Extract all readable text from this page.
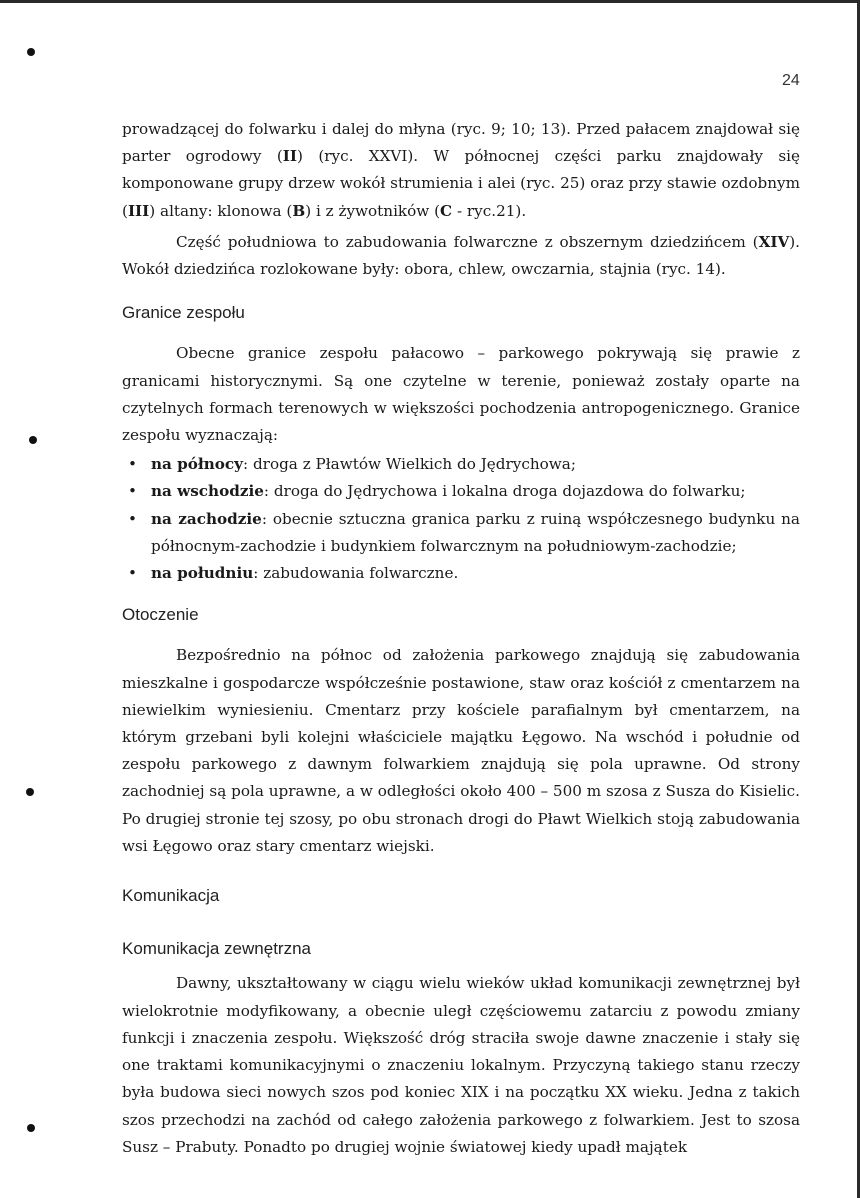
24

prowadzącej do folwarku i dalej do młyna (ryc. 9; 10; 13). Przed pałacem znajdował się parter ogrodowy (II) (ryc. XXVI). W północnej części parku znajdowały się komponowane grupy drzew wokół strumienia i alei (ryc. 25) oraz przy stawie ozdobnym (III) altany: klonowa (B) i z żywotników (C - ryc.21).

Część południowa to zabudowania folwarczne z obszernym dziedzińcem (XIV). Wokół dziedzińca rozlokowane były: obora, chlew, owczarnia, stajnia (ryc. 14).

Granice zespołu

Obecne granice zespołu pałacowo – parkowego pokrywają się prawie z granicami historycznymi. Są one czytelne w terenie, ponieważ zostały oparte na czytelnych formach terenowych w większości pochodzenia antropogenicznego. Granice zespołu wyznaczają:

• na północy: droga z Pławtów Wielkich do Jędrychowa;
• na wschodzie: droga do Jędrychowa i lokalna droga dojazdowa do folwarku;
• na zachodzie: obecnie sztuczna granica parku z ruiną współczesnego budynku na północnym-zachodzie i budynkiem folwarcznym na południowym-zachodzie;
• na południu: zabudowania folwarczne.
Otoczenie

Bezpośrednio na północ od założenia parkowego znajdują się zabudowania mieszkalne i gospodarcze współcześnie postawione, staw oraz kościół z cmentarzem na niewielkim wyniesieniu. Cmentarz przy kościele parafialnym był cmentarzem, na którym grzebani byli kolejni właściciele majątku Łęgowo. Na wschód i południe od zespołu parkowego z dawnym folwarkiem znajdują się pola uprawne. Od strony zachodniej są pola uprawne, a w odległości około 400 – 500 m szosa z Susza do Kisielic. Po drugiej stronie tej szosy, po obu stronach drogi do Pławt Wielkich stoją zabudowania wsi Łęgowo oraz stary cmentarz wiejski.

Komunikacja
Komunikacja zewnętrzna

Dawny, ukształtowany w ciągu wielu wieków układ komunikacji zewnętrznej był wielokrotnie modyfikowany, a obecnie uległ częściowemu zatarciu z powodu zmiany funkcji i znaczenia zespołu. Większość dróg straciła swoje dawne znaczenie i stały się one traktami komunikacyjnymi o znaczeniu lokalnym. Przyczyną takiego stanu rzeczy była budowa sieci nowych szos pod koniec XIX i na początku XX wieku. Jedna z takich szos przechodzi na zachód od całego założenia parkowego z folwarkiem. Jest to szosa Susz – Prabuty. Ponadto po drugiej wojnie światowej kiedy upadł majątek
